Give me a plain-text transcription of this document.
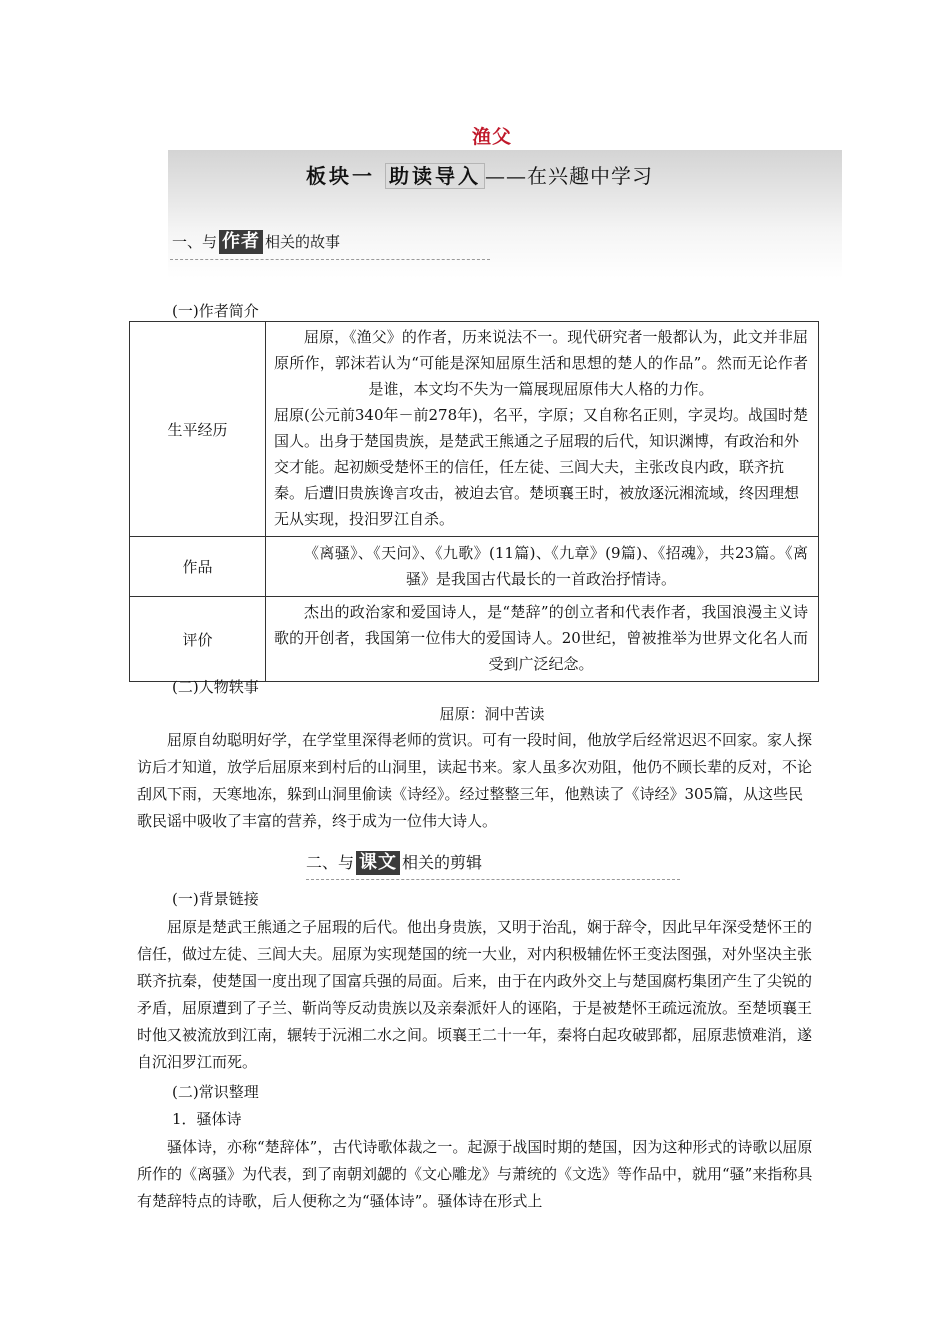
渔父
板块一 助读导入 ——在兴趣中学习
一、与 作者 相关的故事
(一)作者简介
生平经历	屈原，《渔父》的作者，历来说法不一。现代研究者一般都认为，此文并非屈原所作，郭沫若认为“可能是深知屈原生活和思想的楚人的作品”。然而无论作者是谁，本文均不失为一篇展现屈原伟大人格的力作。
屈原(公元前340年－前278年)，名平，字原；又自称名正则，字灵均。战国时楚国人。出身于楚国贵族，是楚武王熊通之子屈瑕的后代，知识渊博，有政治和外交才能。起初颇受楚怀王的信任，任左徒、三闾大夫，主张改良内政，联齐抗秦。后遭旧贵族谗言攻击，被迫去官。楚顷襄王时，被放逐沅湘流域，终因理想无从实现，投汨罗江自杀。

作品	《离骚》、《天问》、《九歌》(11篇)、《九章》(9篇)、《招魂》，共23篇。《离骚》是我国古代最长的一首政治抒情诗。

评价	杰出的政治家和爱国诗人，是“楚辞”的创立者和代表作者，我国浪漫主义诗歌的开创者，我国第一位伟大的爱国诗人。20世纪，曾被推举为世界文化名人而受到广泛纪念。
(二)人物轶事
屈原：洞中苦读
屈原自幼聪明好学，在学堂里深得老师的赏识。可有一段时间，他放学后经常迟迟不回家。家人探访后才知道，放学后屈原来到村后的山洞里，读起书来。家人虽多次劝阻，他仍不顾长辈的反对，不论刮风下雨，天寒地冻，躲到山洞里偷读《诗经》。经过整整三年，他熟读了《诗经》305篇，从这些民歌民谣中吸收了丰富的营养，终于成为一位伟大诗人。
二、与 课文 相关的剪辑
(一)背景链接
屈原是楚武王熊通之子屈瑕的后代。他出身贵族，又明于治乱，娴于辞令，因此早年深受楚怀王的信任，做过左徒、三闾大夫。屈原为实现楚国的统一大业，对内积极辅佐怀王变法图强，对外坚决主张联齐抗秦，使楚国一度出现了国富兵强的局面。后来，由于在内政外交上与楚国腐朽集团产生了尖锐的矛盾，屈原遭到了子兰、靳尚等反动贵族以及亲秦派奸人的诬陷，于是被楚怀王疏远流放。至楚顷襄王时他又被流放到江南，辗转于沅湘二水之间。顷襄王二十一年，秦将白起攻破郢都，屈原悲愤难消，遂自沉汨罗江而死。
(二)常识整理
1．骚体诗
骚体诗，亦称“楚辞体”，古代诗歌体裁之一。起源于战国时期的楚国，因为这种形式的诗歌以屈原所作的《离骚》为代表，到了南朝刘勰的《文心雕龙》与萧统的《文选》等作品中，就用“骚”来指称具有楚辞特点的诗歌，后人便称之为“骚体诗”。骚体诗在形式上
